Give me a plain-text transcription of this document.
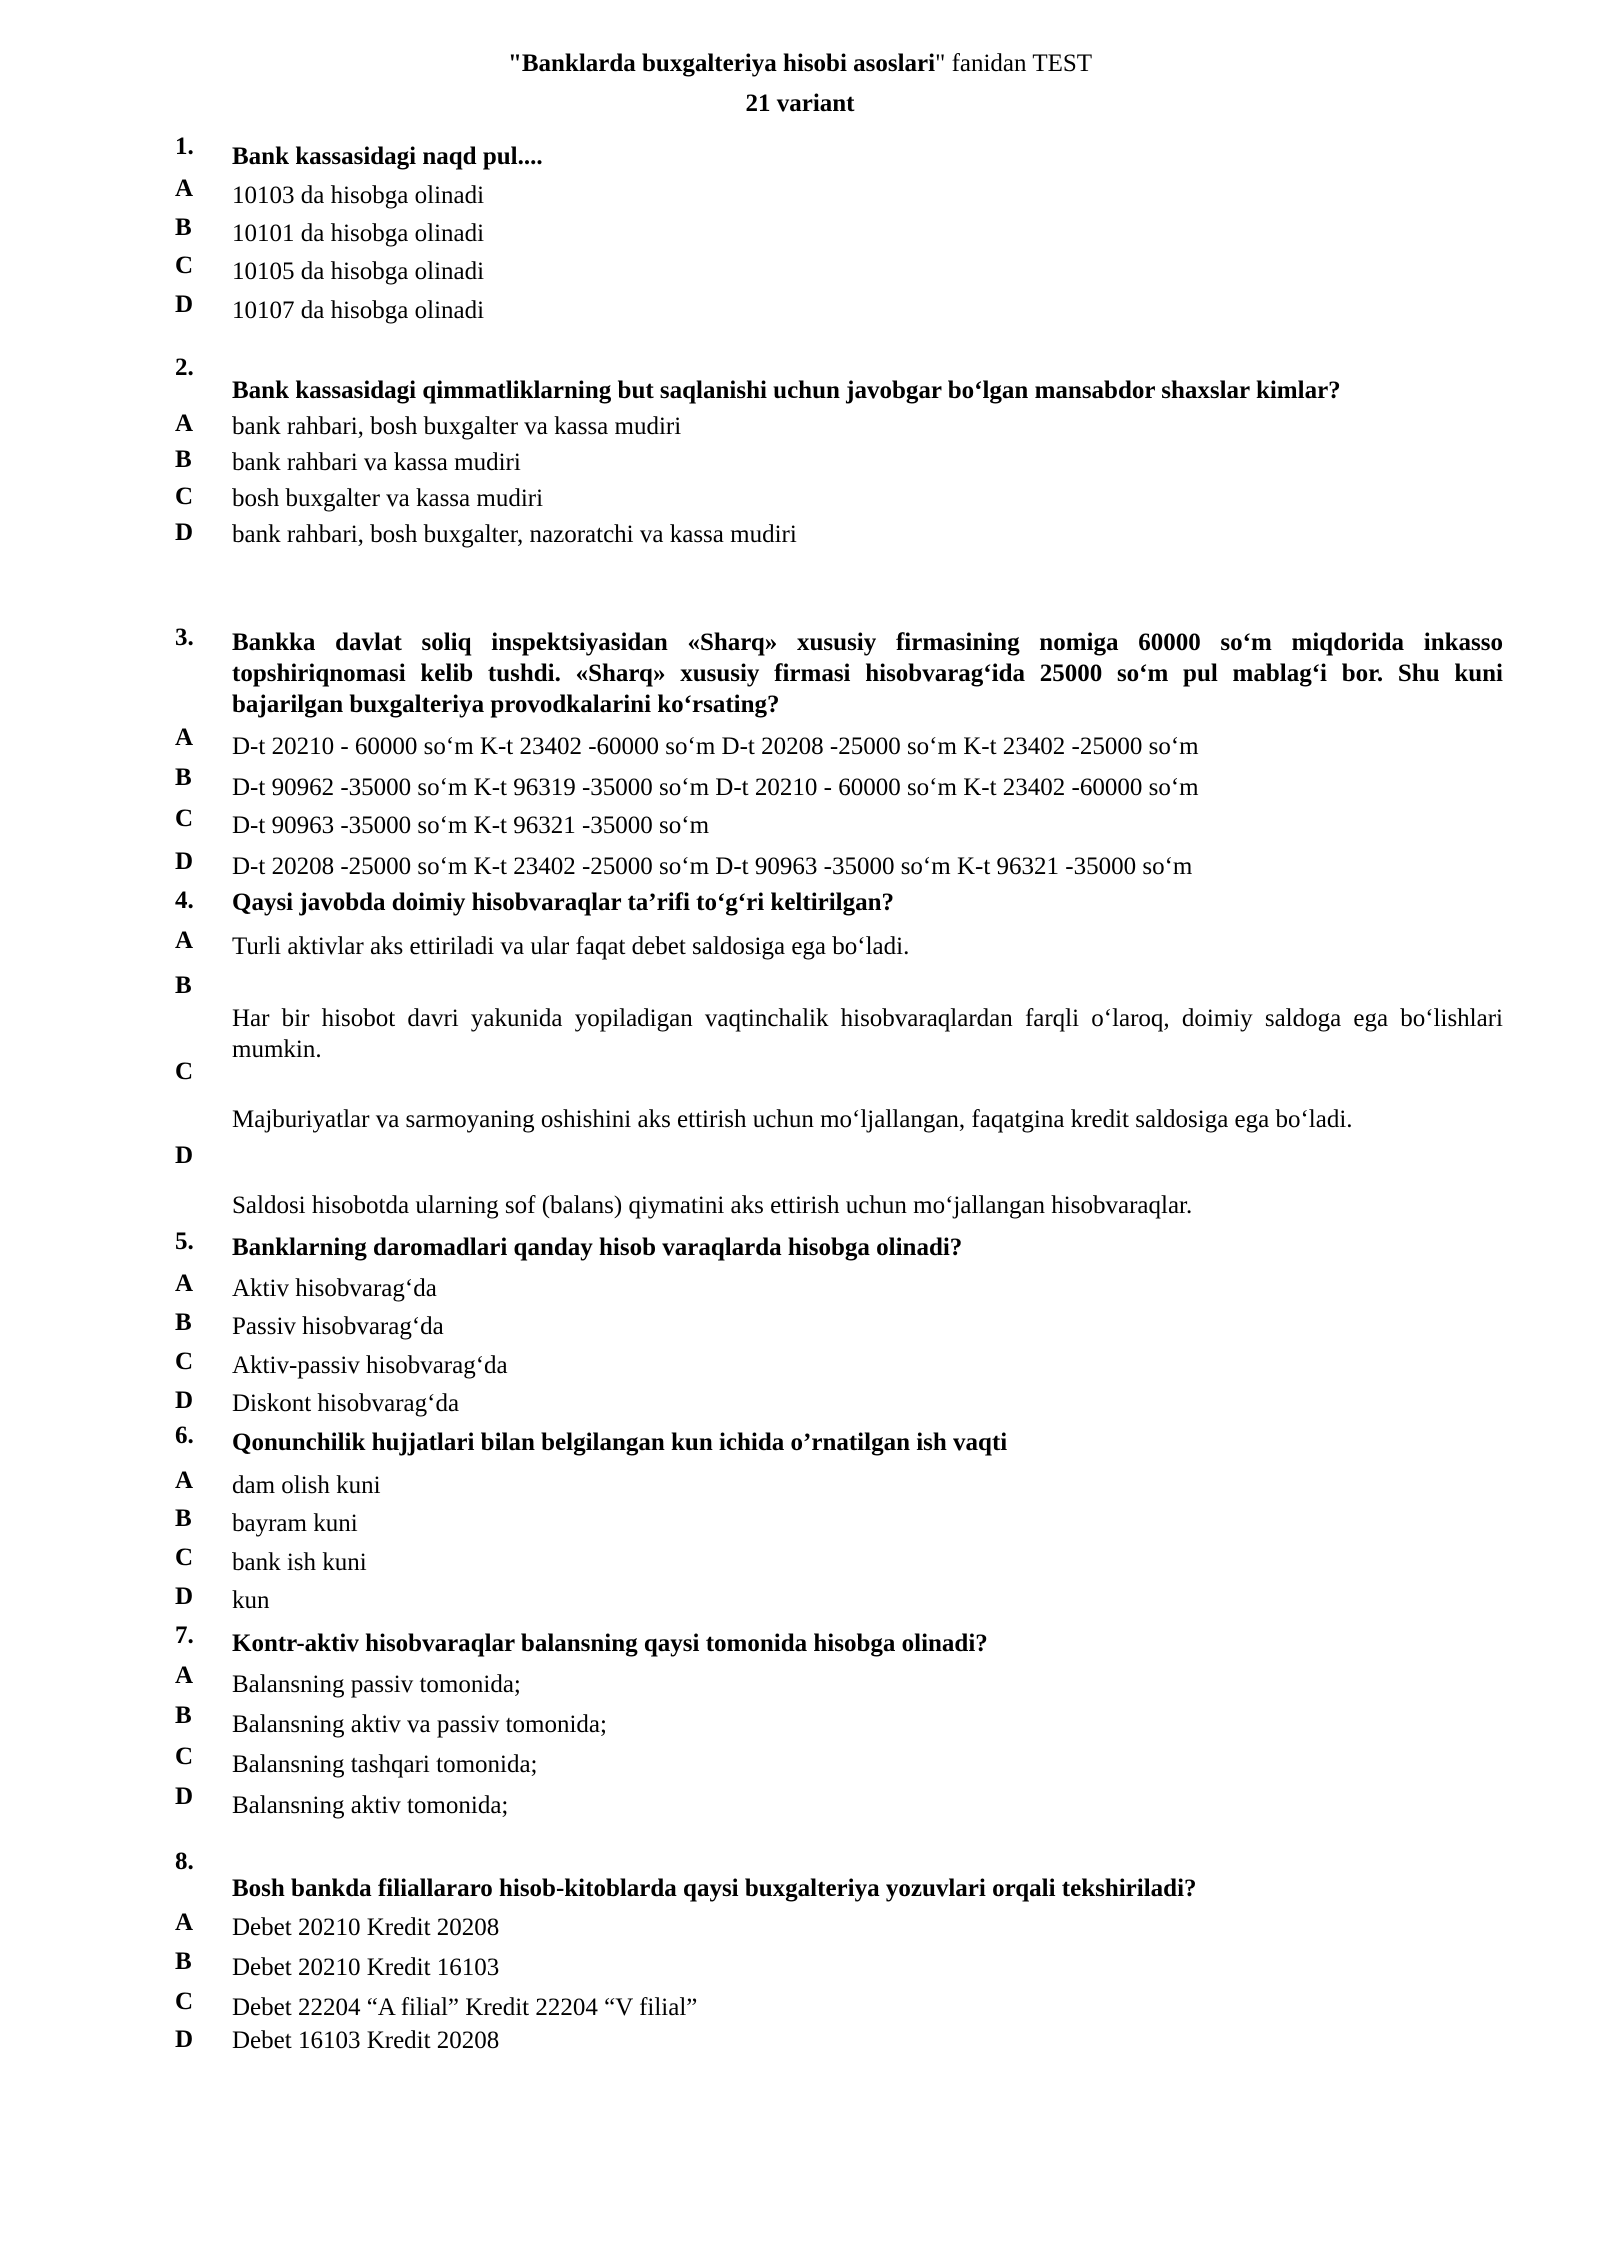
"Banklarda buxgalteriya hisobi asoslari" fanidan TEST
21 variant
1. Bank kassasidagi naqd pul....
A 10103 da hisobga olinadi
B 10101 da hisobga olinadi
C 10105 da hisobga olinadi
D 10107 da hisobga olinadi
2.
Bank kassasidagi qimmatliklarning but saqlanishi uchun javobgar bo‘lgan mansabdor shaxslar kimlar?
A bank rahbari, bosh buxgalter va kassa mudiri
B bank rahbari va kassa mudiri
C bosh buxgalter va kassa mudiri
D bank rahbari, bosh buxgalter, nazoratchi va kassa mudiri
3. Bankka davlat soliq inspektsiyasidan «Sharq» xususiy firmasining nomiga 60000 so‘m miqdorida inkasso topshiriqnomasi kelib tushdi. «Sharq» xususiy firmasi hisobvarag‘ida 25000 so‘m pul mablag‘i bor. Shu kuni bajarilgan buxgalteriya provodkalarini ko‘rsating?
A D-t 20210 - 60000 so‘m K-t 23402 -60000 so‘m D-t 20208 -25000 so‘m K-t 23402 -25000 so‘m
B D-t 90962 -35000 so‘m K-t 96319 -35000 so‘m D-t 20210 - 60000 so‘m K-t 23402 -60000 so‘m
C D-t 90963 -35000 so‘m K-t 96321 -35000 so‘m
D D-t 20208 -25000 so‘m K-t 23402 -25000 so‘m D-t 90963 -35000 so‘m K-t 96321 -35000 so‘m
4. Qaysi javobda doimiy hisobvaraqlar ta’rifi to‘g‘ri keltirilgan?
A Turli aktivlar aks ettiriladi va ular faqat debet saldosiga ega bo‘ladi.
B
Har bir hisobot davri yakunida yopiladigan vaqtinchalik hisobvaraqlardan farqli o‘laroq, doimiy saldoga ega bo‘lishlari mumkin.
C
Majburiyatlar va sarmoyaning oshishini aks ettirish uchun mo‘ljallangan, faqatgina kredit saldosiga ega bo‘ladi.
D
Saldosi hisobotda ularning sof (balans) qiymatini aks ettirish uchun mo‘jallangan hisobvaraqlar.
5. Banklarning daromadlari qanday hisob varaqlarda hisobga olinadi?
A Aktiv hisobvarag‘da
B Passiv hisobvarag‘da
C Aktiv-passiv hisobvarag‘da
D Diskont hisobvarag‘da
6. Qonunchilik hujjatlari bilan belgilangan kun ichida o’rnatilgan ish vaqti
A dam olish kuni
B bayram kuni
C bank ish kuni
D kun
7. Kontr-aktiv hisobvaraqlar balansning qaysi tomonida hisobga olinadi?
A Balansning passiv tomonida;
B Balansning aktiv va passiv tomonida;
C Balansning tashqari tomonida;
D Balansning aktiv tomonida;
8.
Bosh bankda filiallararo hisob-kitoblarda qaysi buxgalteriya yozuvlari orqali tekshiriladi?
A Debet 20210 Kredit 20208
B Debet 20210 Kredit 16103
C Debet 22204 “A filial” Kredit 22204 “V filial”
D Debet 16103 Kredit 20208
